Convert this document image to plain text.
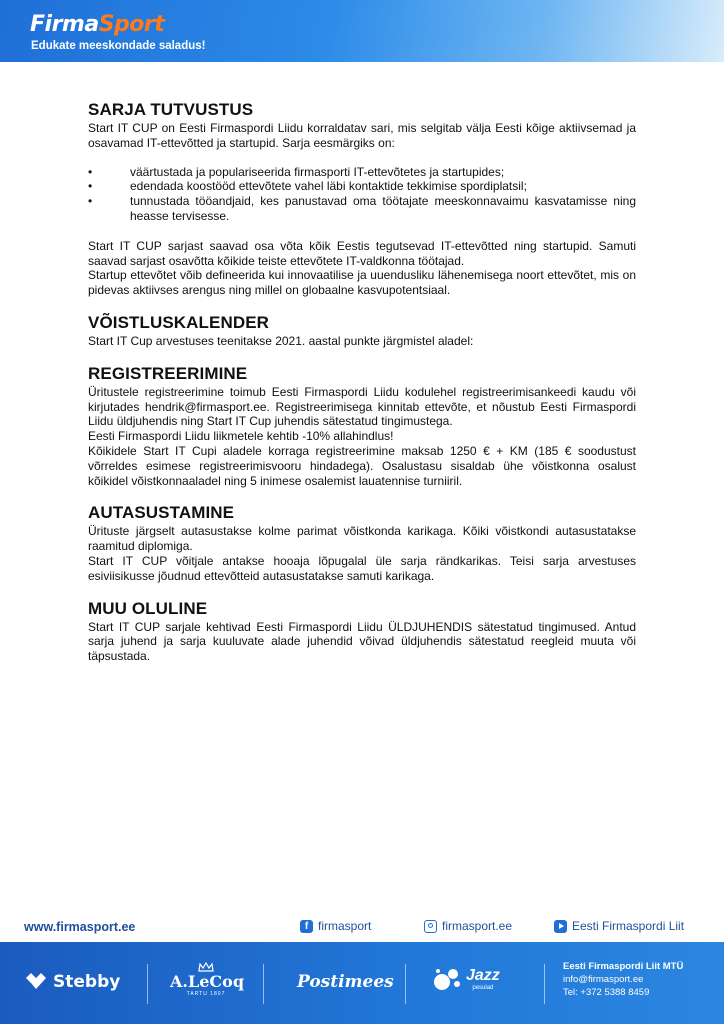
FirmaSport
Edukate meeskondade saladus!
SARJA TUTVUSTUS

Start IT CUP on Eesti Firmaspordi Liidu korraldatav sari, mis selgitab välja Eesti kõige aktiivsemad ja osavamad IT-ettevõtted ja startupid. Sarja eesmärgiks on:

•	väärtustada ja populariseerida firmasporti IT-ettevõtetes ja startupides;
•	edendada koostööd ettevõtete vahel läbi kontaktide tekkimise spordiplatsil;
•	tunnustada tööandjaid, kes panustavad oma töötajate meeskonnavaimu kasvatamisse ning heasse tervisesse.

Start IT CUP sarjast saavad osa võta kõik Eestis tegutsevad IT-ettevõtted ning startupid. Samuti saavad sarjast osavõtta kõikide teiste ettevõtete IT-valdkonna töötajad.

Startup ettevõtet võib defineerida kui innovaatilise ja uuendusliku lähenemisega noort ettevõtet, mis on pidevas aktiivses arengus ning millel on globaalne kasvupotentsiaal.

VÕISTLUSKALENDER

Start IT Cup arvestuses teenitakse 2021. aastal punkte järgmistel aladel:

REGISTREERIMINE

Üritustele registreerimine toimub Eesti Firmaspordi Liidu kodulehel registreerimisankeedi kaudu või kirjutades hendrik@firmasport.ee. Registreerimisega kinnitab ettevõte, et nõustub Eesti Firmaspordi Liidu üldjuhendis ning Start IT Cup juhendis sätestatud tingimustega.

Eesti Firmaspordi Liidu liikmetele kehtib -10% allahindlus!

Kõikidele Start IT Cupi aladele korraga registreerimine maksab 1250 € + KM (185 € soodustust võrreldes esimese registreerimisvooru hindadega). Osalustasu sisaldab ühe võistkonna osalust kõikidel võistkonnaaladel ning 5 inimese osalemist lauatennise turniiril.

AUTASUSTAMINE

Ürituste järgselt autasustakse kolme parimat võistkonda karikaga. Kõiki võistkondi autasustatakse raamitud diplomiga.

Start IT CUP võitjale antakse hooaja lõpugalal üle sarja rändkarikas. Teisi sarja arvestuses esiviisikusse jõudnud ettevõtteid autasustatakse samuti karikaga.

MUU OLULINE

Start IT CUP sarjale kehtivad Eesti Firmaspordi Liidu ÜLDJUHENDIS sätestatud tingimused. Antud sarja juhend ja sarja kuuluvate alade juhendid võivad üldjuhendis sätestatud reegleid muuta või täpsustada.

www.firmasport.ee	f firmasport	firmasport.ee	Eesti Firmaspordi Liit
Stebby	A.LeCoq
TARTU 1807
Postimees	Jazz
pesulad
Eesti Firmaspordi Liit MTÜ
info@firmasport.ee
Tel: +372 5388 8459
